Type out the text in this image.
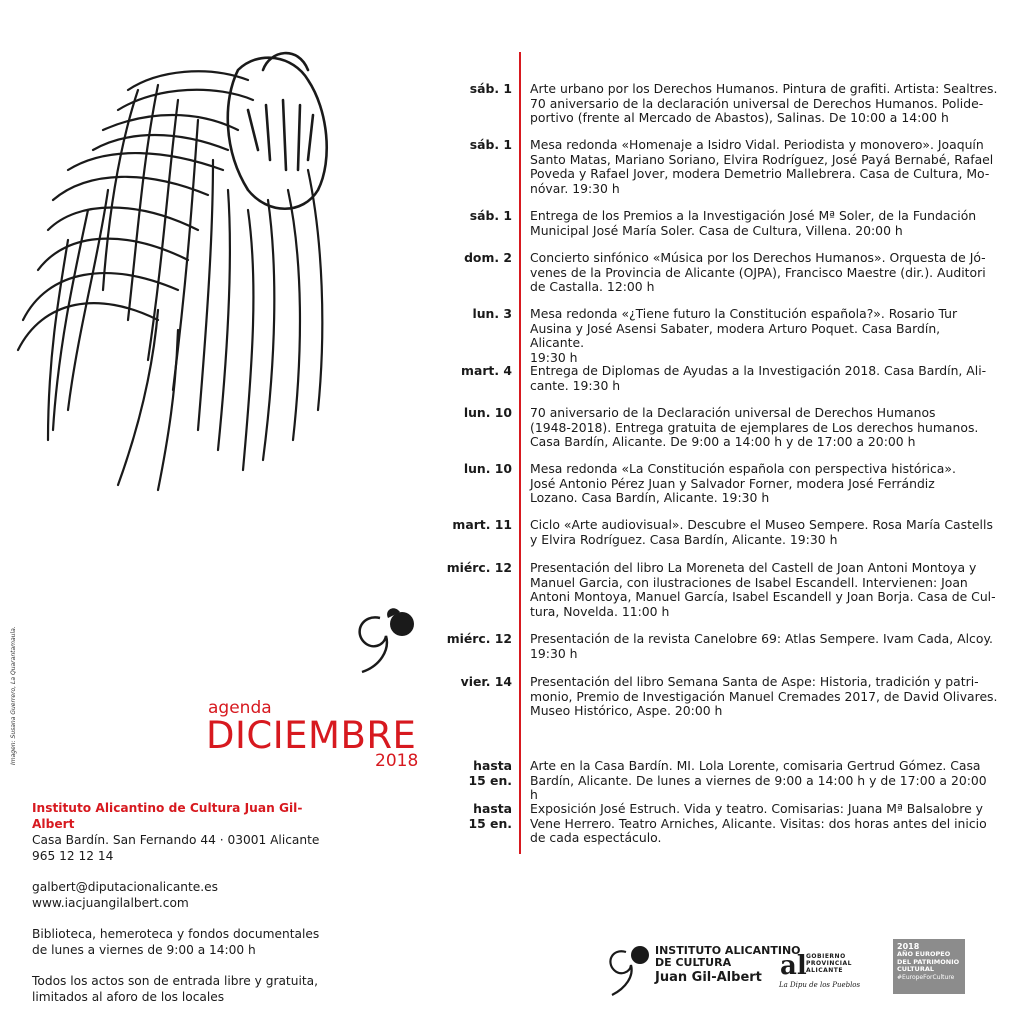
Imagen: Susana Guerrero, La Quarantamaula.	agenda
DICIEMBRE
2018
Instituto Alicantino de Cultura Juan Gil-Albert
Casa Bardín. San Fernando 44 · 03001 Alicante
965 12 12 14
galbert@diputacionalicante.es
www.iacjuangilalbert.com
Biblioteca, hemeroteca y fondos documentales
de lunes a viernes de 9:00 a 14:00 h
Todos los actos son de entrada libre y gratuita,
limitados al aforo de los locales
sáb. 1 Arte urbano por los Derechos Humanos. Pintura de grafiti. Artista: Sealtres.
70 aniversario de la declaración universal de Derechos Humanos. Polide-
portivo (frente al Mercado de Abastos), Salinas. De 10:00 a 14:00 h
sáb. 1 Mesa redonda «Homenaje a Isidro Vidal. Periodista y monovero». Joaquín
Santo Matas, Mariano Soriano, Elvira Rodríguez, José Payá Bernabé, Rafael
Poveda y Rafael Jover, modera Demetrio Mallebrera. Casa de Cultura, Mo-
nóvar. 19:30 h
sáb. 1 Entrega de los Premios a la Investigación José Mª Soler, de la Fundación
Municipal José María Soler. Casa de Cultura, Villena. 20:00 h
dom. 2 Concierto sinfónico «Música por los Derechos Humanos». Orquesta de Jó-
venes de la Provincia de Alicante (OJPA), Francisco Maestre (dir.). Auditori
de Castalla. 12:00 h
lun. 3 Mesa redonda «¿Tiene futuro la Constitución española?». Rosario Tur
Ausina y José Asensi Sabater, modera Arturo Poquet. Casa Bardín, Alicante.
19:30 h
mart. 4 Entrega de Diplomas de Ayudas a la Investigación 2018. Casa Bardín, Ali-
cante. 19:30 h
lun. 10 70 aniversario de la Declaración universal de Derechos Humanos
(1948-2018). Entrega gratuita de ejemplares de Los derechos humanos.
Casa Bardín, Alicante. De 9:00 a 14:00 h y de 17:00 a 20:00 h
lun. 10 Mesa redonda «La Constitución española con perspectiva histórica».
José Antonio Pérez Juan y Salvador Forner, modera José Ferrándiz
Lozano. Casa Bardín, Alicante. 19:30 h
mart. 11 Ciclo «Arte audiovisual». Descubre el Museo Sempere. Rosa María Castells
y Elvira Rodríguez. Casa Bardín, Alicante. 19:30 h
miérc. 12 Presentación del libro La Moreneta del Castell de Joan Antoni Montoya y
Manuel Garcia, con ilustraciones de Isabel Escandell. Intervienen: Joan
Antoni Montoya, Manuel García, Isabel Escandell y Joan Borja. Casa de Cul-
tura, Novelda. 11:00 h
miérc. 12 Presentación de la revista Canelobre 69: Atlas Sempere. Ivam Cada, Alcoy.
19:30 h
vier. 14 Presentación del libro Semana Santa de Aspe: Historia, tradición y patri-
monio, Premio de Investigación Manuel Cremades 2017, de David Olivares.
Museo Histórico, Aspe. 20:00 h
hasta
15 en.
Arte en la Casa Bardín. MI. Lola Lorente, comisaria Gertrud Gómez. Casa
Bardín, Alicante. De lunes a viernes de 9:00 a 14:00 h y de 17:00 a 20:00 h
hasta
15 en.
Exposición José Estruch. Vida y teatro. Comisarias: Juana Mª Balsalobre y
Vene Herrero. Teatro Arniches, Alicante. Visitas: dos horas antes del inicio
de cada espectáculo.
INSTITUTO ALICANTINO
DE CULTURA
Juan Gil-Albert al GOBIERNO
PROVINCIAL
ALICANTE
La Dipu de los Pueblos
2018
AÑO EUROPEO
DEL PATRIMONIO
CULTURAL
#EuropeForCulture
